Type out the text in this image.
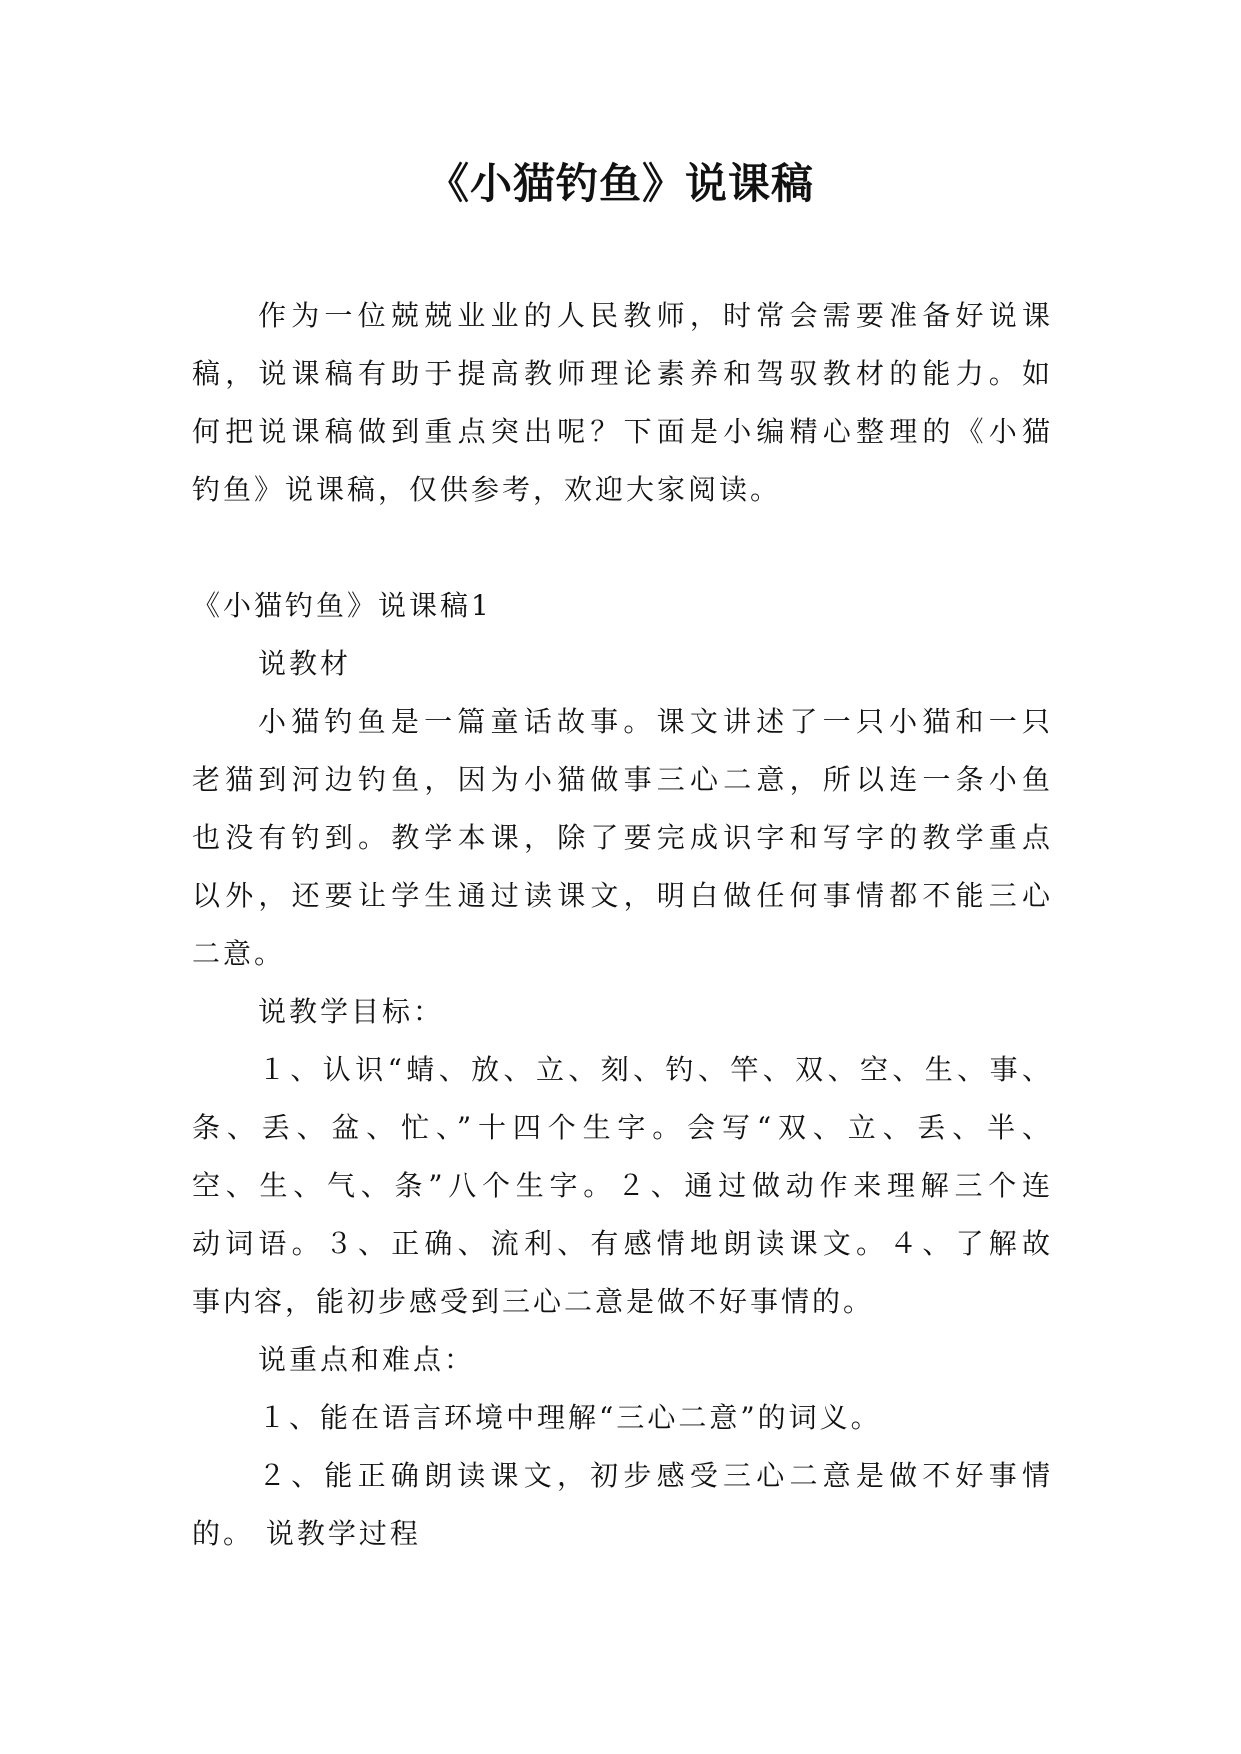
《小猫钓鱼》说课稿
作为一位兢兢业业的人民教师，时常会需要准备好说课
稿，说课稿有助于提高教师理论素养和驾驭教材的能力。如
何把说课稿做到重点突出呢？下面是小编精心整理的《小猫
钓鱼》说课稿，仅供参考，欢迎大家阅读。
《小猫钓鱼》说课稿1
说教材
小猫钓鱼是一篇童话故事。课文讲述了一只小猫和一只
老猫到河边钓鱼，因为小猫做事三心二意，所以连一条小鱼
也没有钓到。教学本课，除了要完成识字和写字的教学重点
以外，还要让学生通过读课文，明白做任何事情都不能三心
二意。
说教学目标：
１、认识“蜻、放、立、刻、钓、竿、双、空、生、事、
条、丢、盆、忙、”十四个生字。会写“双、立、丢、半、
空、生、气、条”八个生字。２、通过做动作来理解三个连
动词语。３、正确、流利、有感情地朗读课文。４、了解故
事内容，能初步感受到三心二意是做不好事情的。
说重点和难点：
１、能在语言环境中理解“三心二意”的词义。
２、能正确朗读课文，初步感受三心二意是做不好事情
的。 说教学过程
